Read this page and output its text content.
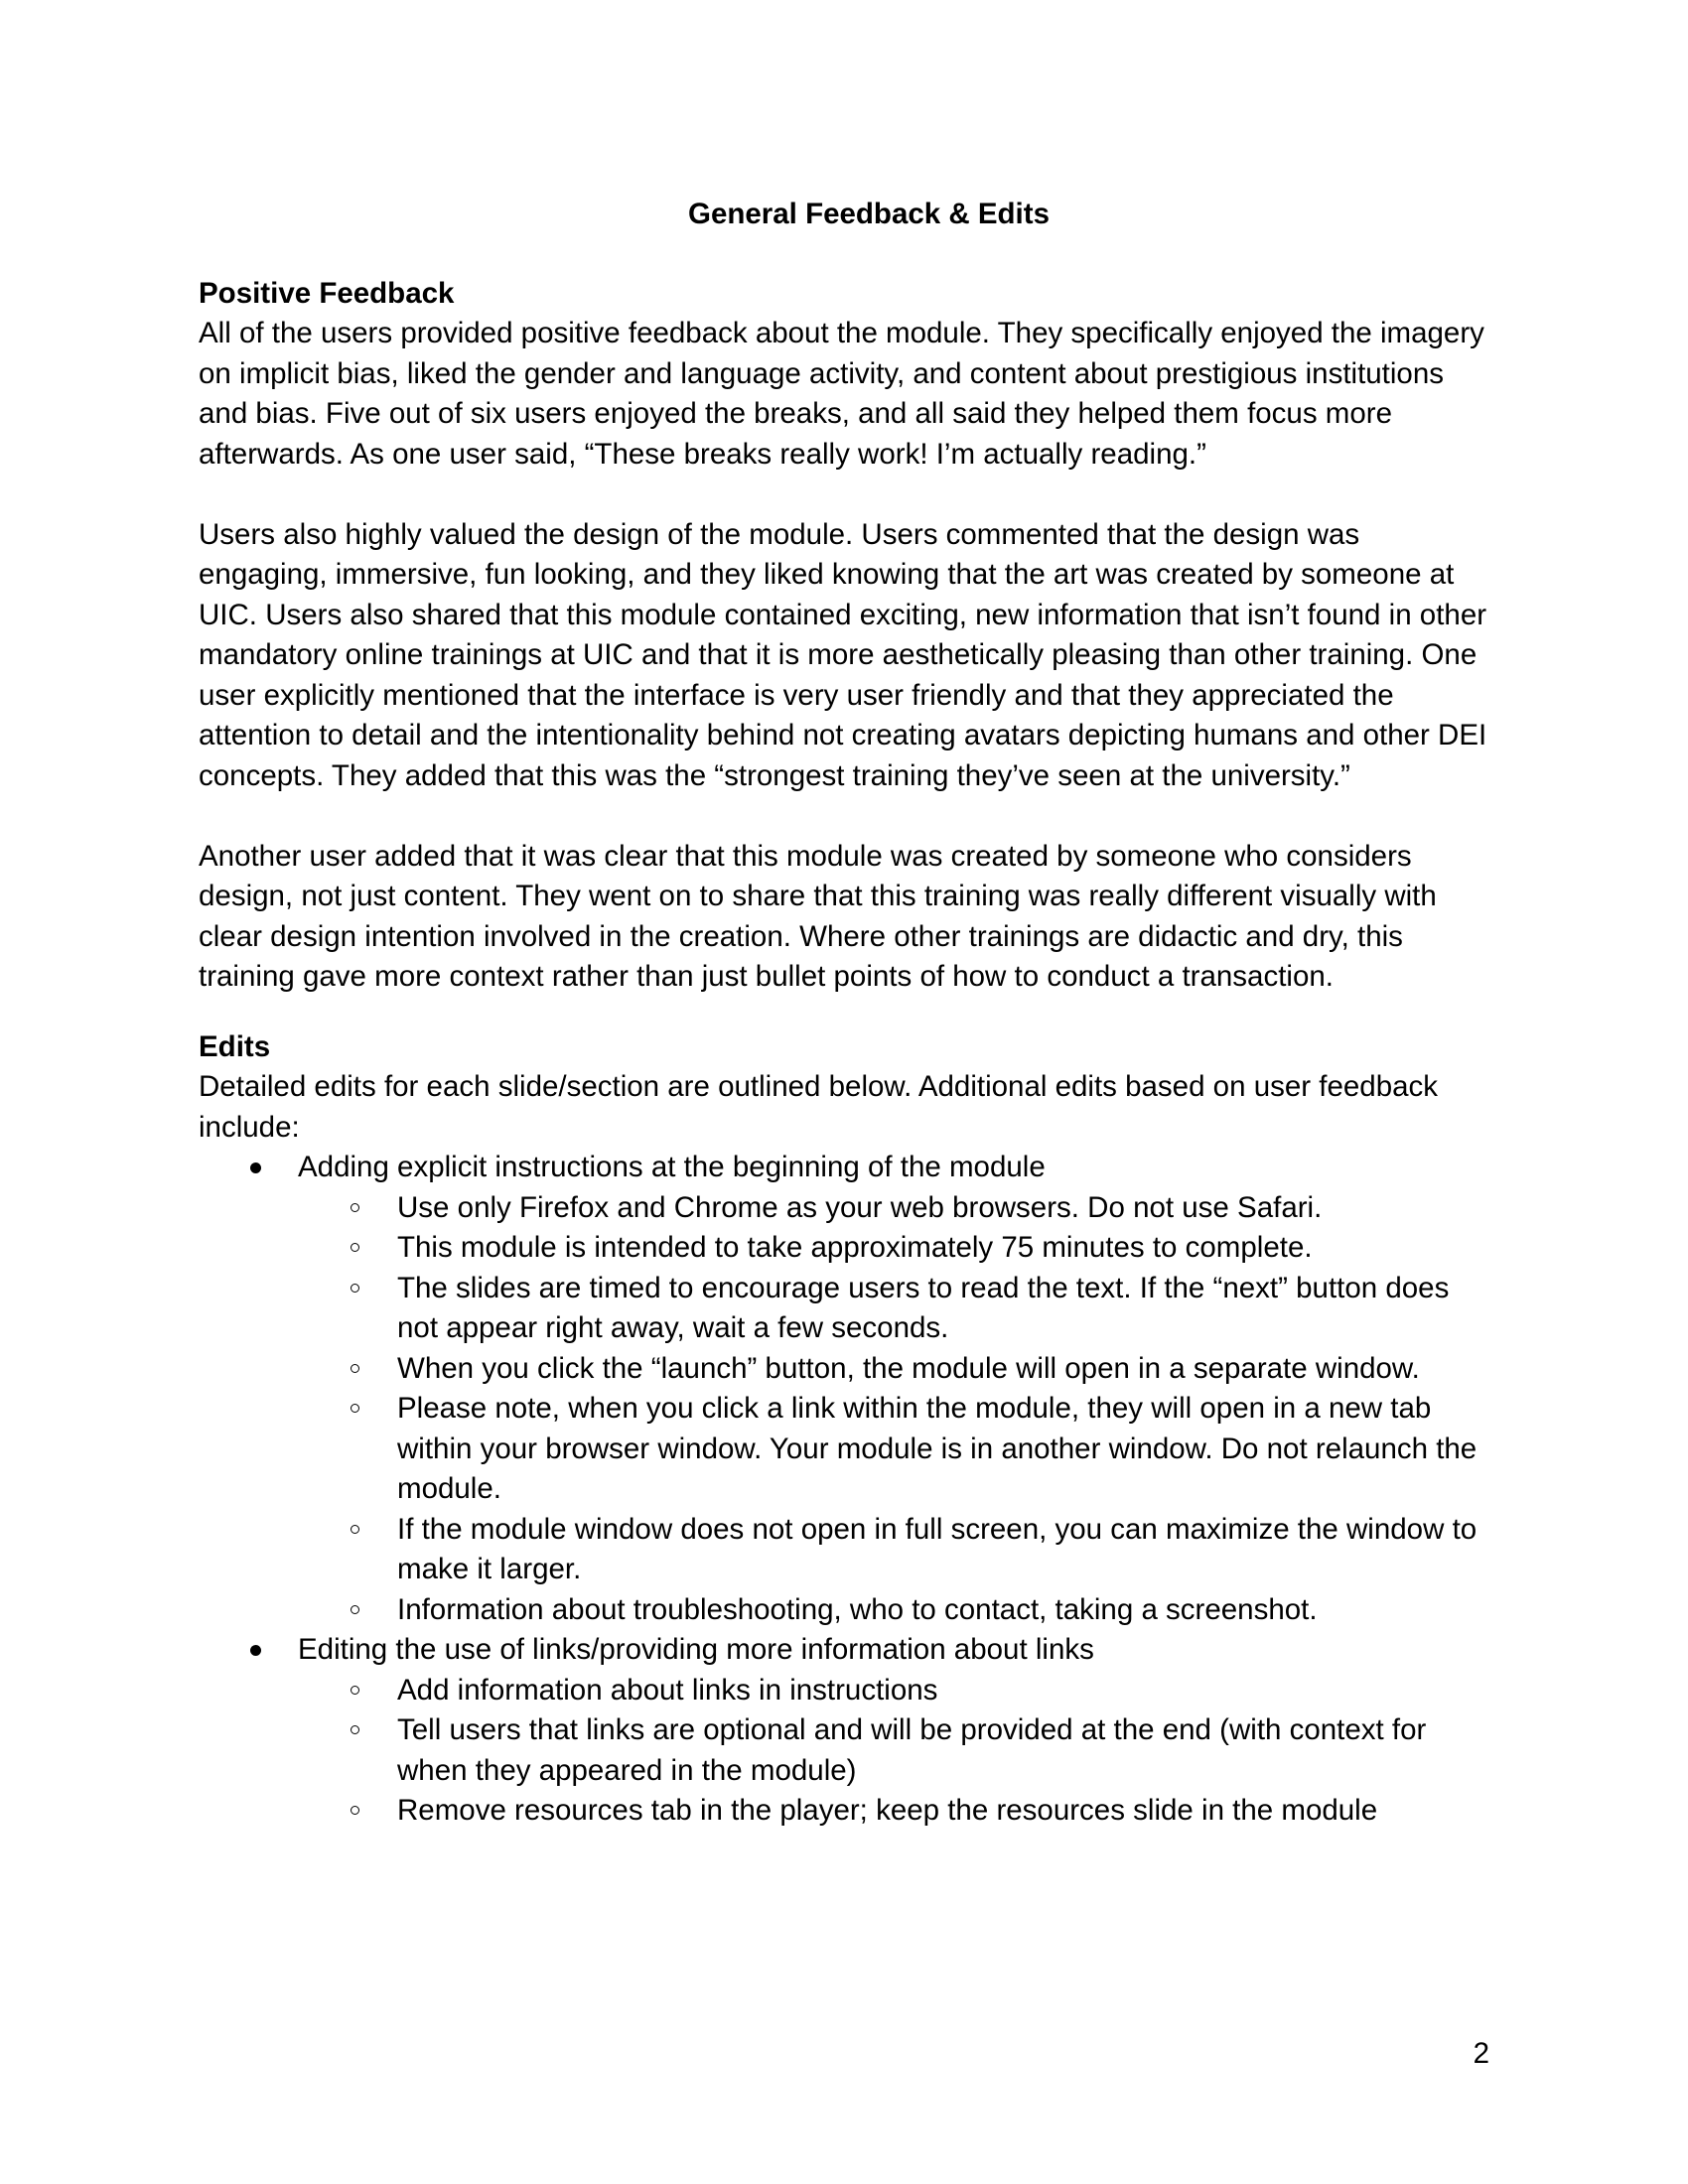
General Feedback & Edits
Positive Feedback

All of the users provided positive feedback about the module. They specifically enjoyed the imagery on implicit bias, liked the gender and language activity, and content about prestigious institutions and bias. Five out of six users enjoyed the breaks, and all said they helped them focus more afterwards. As one user said, “These breaks really work! I’m actually reading.”

Users also highly valued the design of the module. Users commented that the design was engaging, immersive, fun looking, and they liked knowing that the art was created by someone at UIC. Users also shared that this module contained exciting, new information that isn’t found in other mandatory online trainings at UIC and that it is more aesthetically pleasing than other training. One user explicitly mentioned that the interface is very user friendly and that they appreciated the attention to detail and the intentionality behind not creating avatars depicting humans and other DEI concepts. They added that this was the “strongest training they’ve seen at the university.”

Another user added that it was clear that this module was created by someone who considers design, not just content. They went on to share that this training was really different visually with clear design intention involved in the creation. Where other trainings are didactic and dry, this training gave more context rather than just bullet points of how to conduct a transaction.

Edits

Detailed edits for each slide/section are outlined below. Additional edits based on user feedback include:

Adding explicit instructions at the beginning of the module
Use only Firefox and Chrome as your web browsers. Do not use Safari.
This module is intended to take approximately 75 minutes to complete.
The slides are timed to encourage users to read the text. If the “next” button does not appear right away, wait a few seconds.
When you click the “launch” button, the module will open in a separate window.
Please note, when you click a link within the module, they will open in a new tab within your browser window. Your module is in another window. Do not relaunch the module.
If the module window does not open in full screen, you can maximize the window to make it larger.
Information about troubleshooting, who to contact, taking a screenshot.
Editing the use of links/providing more information about links
Add information about links in instructions
Tell users that links are optional and will be provided at the end (with context for when they appeared in the module)
Remove resources tab in the player; keep the resources slide in the module
2
